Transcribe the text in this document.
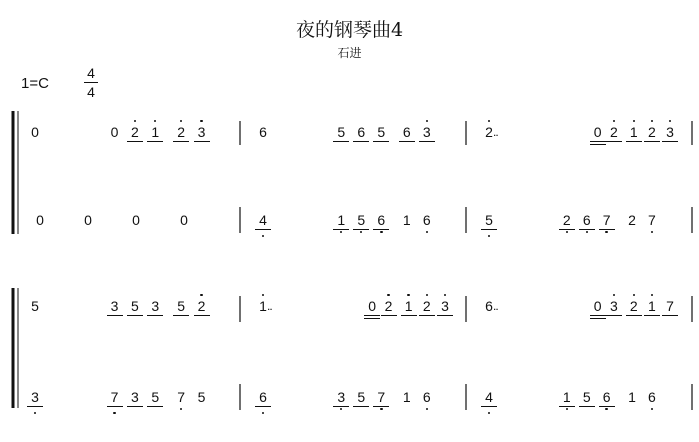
夜的钢琴曲4
石进
1=C	$\frac{4}{4}$
0	0 2 1	2 3	6	5 6 5	6 3	2 ..	0 2 1 2 3
0	0	0	0	4	1 5 6	1 6	5	2 6 7	2 7
5	3 5 3	5 2	1 ..	0 2 1 2 3	6 ..	0 3 2 1 7
3	7 3 5	7 5	6	3 5 7	1 6	4	1 5 6	1 6
